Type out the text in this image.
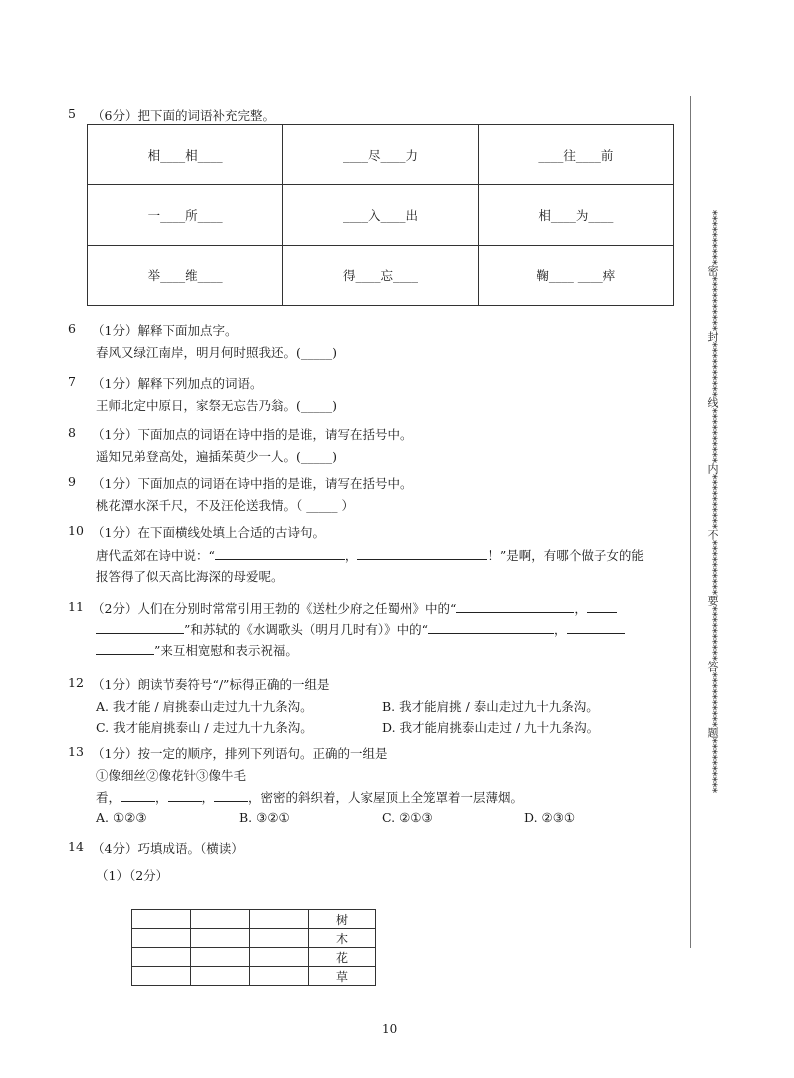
**********密**********封**********线**********内**********不**********要**********答**********题**********
5 （6分）把下面的词语补充完整。
相____相____	____尽____力	____往____前
一____所____	____入____出	相____为____
举____维____	得____忘____	鞠____ ____瘁
6 （1分）解释下面加点字。
春风又绿江南岸，明月何时照我还。(_____)
7 （1分）解释下列加点的词语。
王师北定中原日，家祭无忘告乃翁。(_____)
8 （1分）下面加点的词语在诗中指的是谁，请写在括号中。
遥知兄弟登高处，遍插茱萸少一人。(_____)
9 （1分）下面加点的词语在诗中指的是谁，请写在括号中。
桃花潭水深千尺，不及汪伦送我情。（ _____ ）
10 （1分）在下面横线处填上合适的古诗句。
唐代孟郊在诗中说：“	，	！”是啊，有哪个做子女的能
报答得了似天高比海深的母爱呢。
11 （2分）人们在分别时常常引用王勃的《送杜少府之任蜀州》中的“	，
”和苏轼的《水调歌头（明月几时有）》中的“	，
”来互相宽慰和表示祝福。
12 （1分）朗读节奏符号“/”标得正确的一组是
A. 我才能 / 肩挑泰山走过九十九条沟。	B. 我才能肩挑 / 泰山走过九十九条沟。
C. 我才能肩挑泰山 / 走过九十九条沟。	D. 我才能肩挑泰山走过 / 九十九条沟。
13 （1分）按一定的顺序，排列下列语句。正确的一组是
①像细丝②像花针③像牛毛
看，	，	，	，密密的斜织着，人家屋顶上全笼罩着一层薄烟。
A. ①②③	B. ③②①	C. ②①③	D. ②③①
14 （4分）巧填成语。（横读）
（1）（2分）
			树
			木
			花
			草
10
